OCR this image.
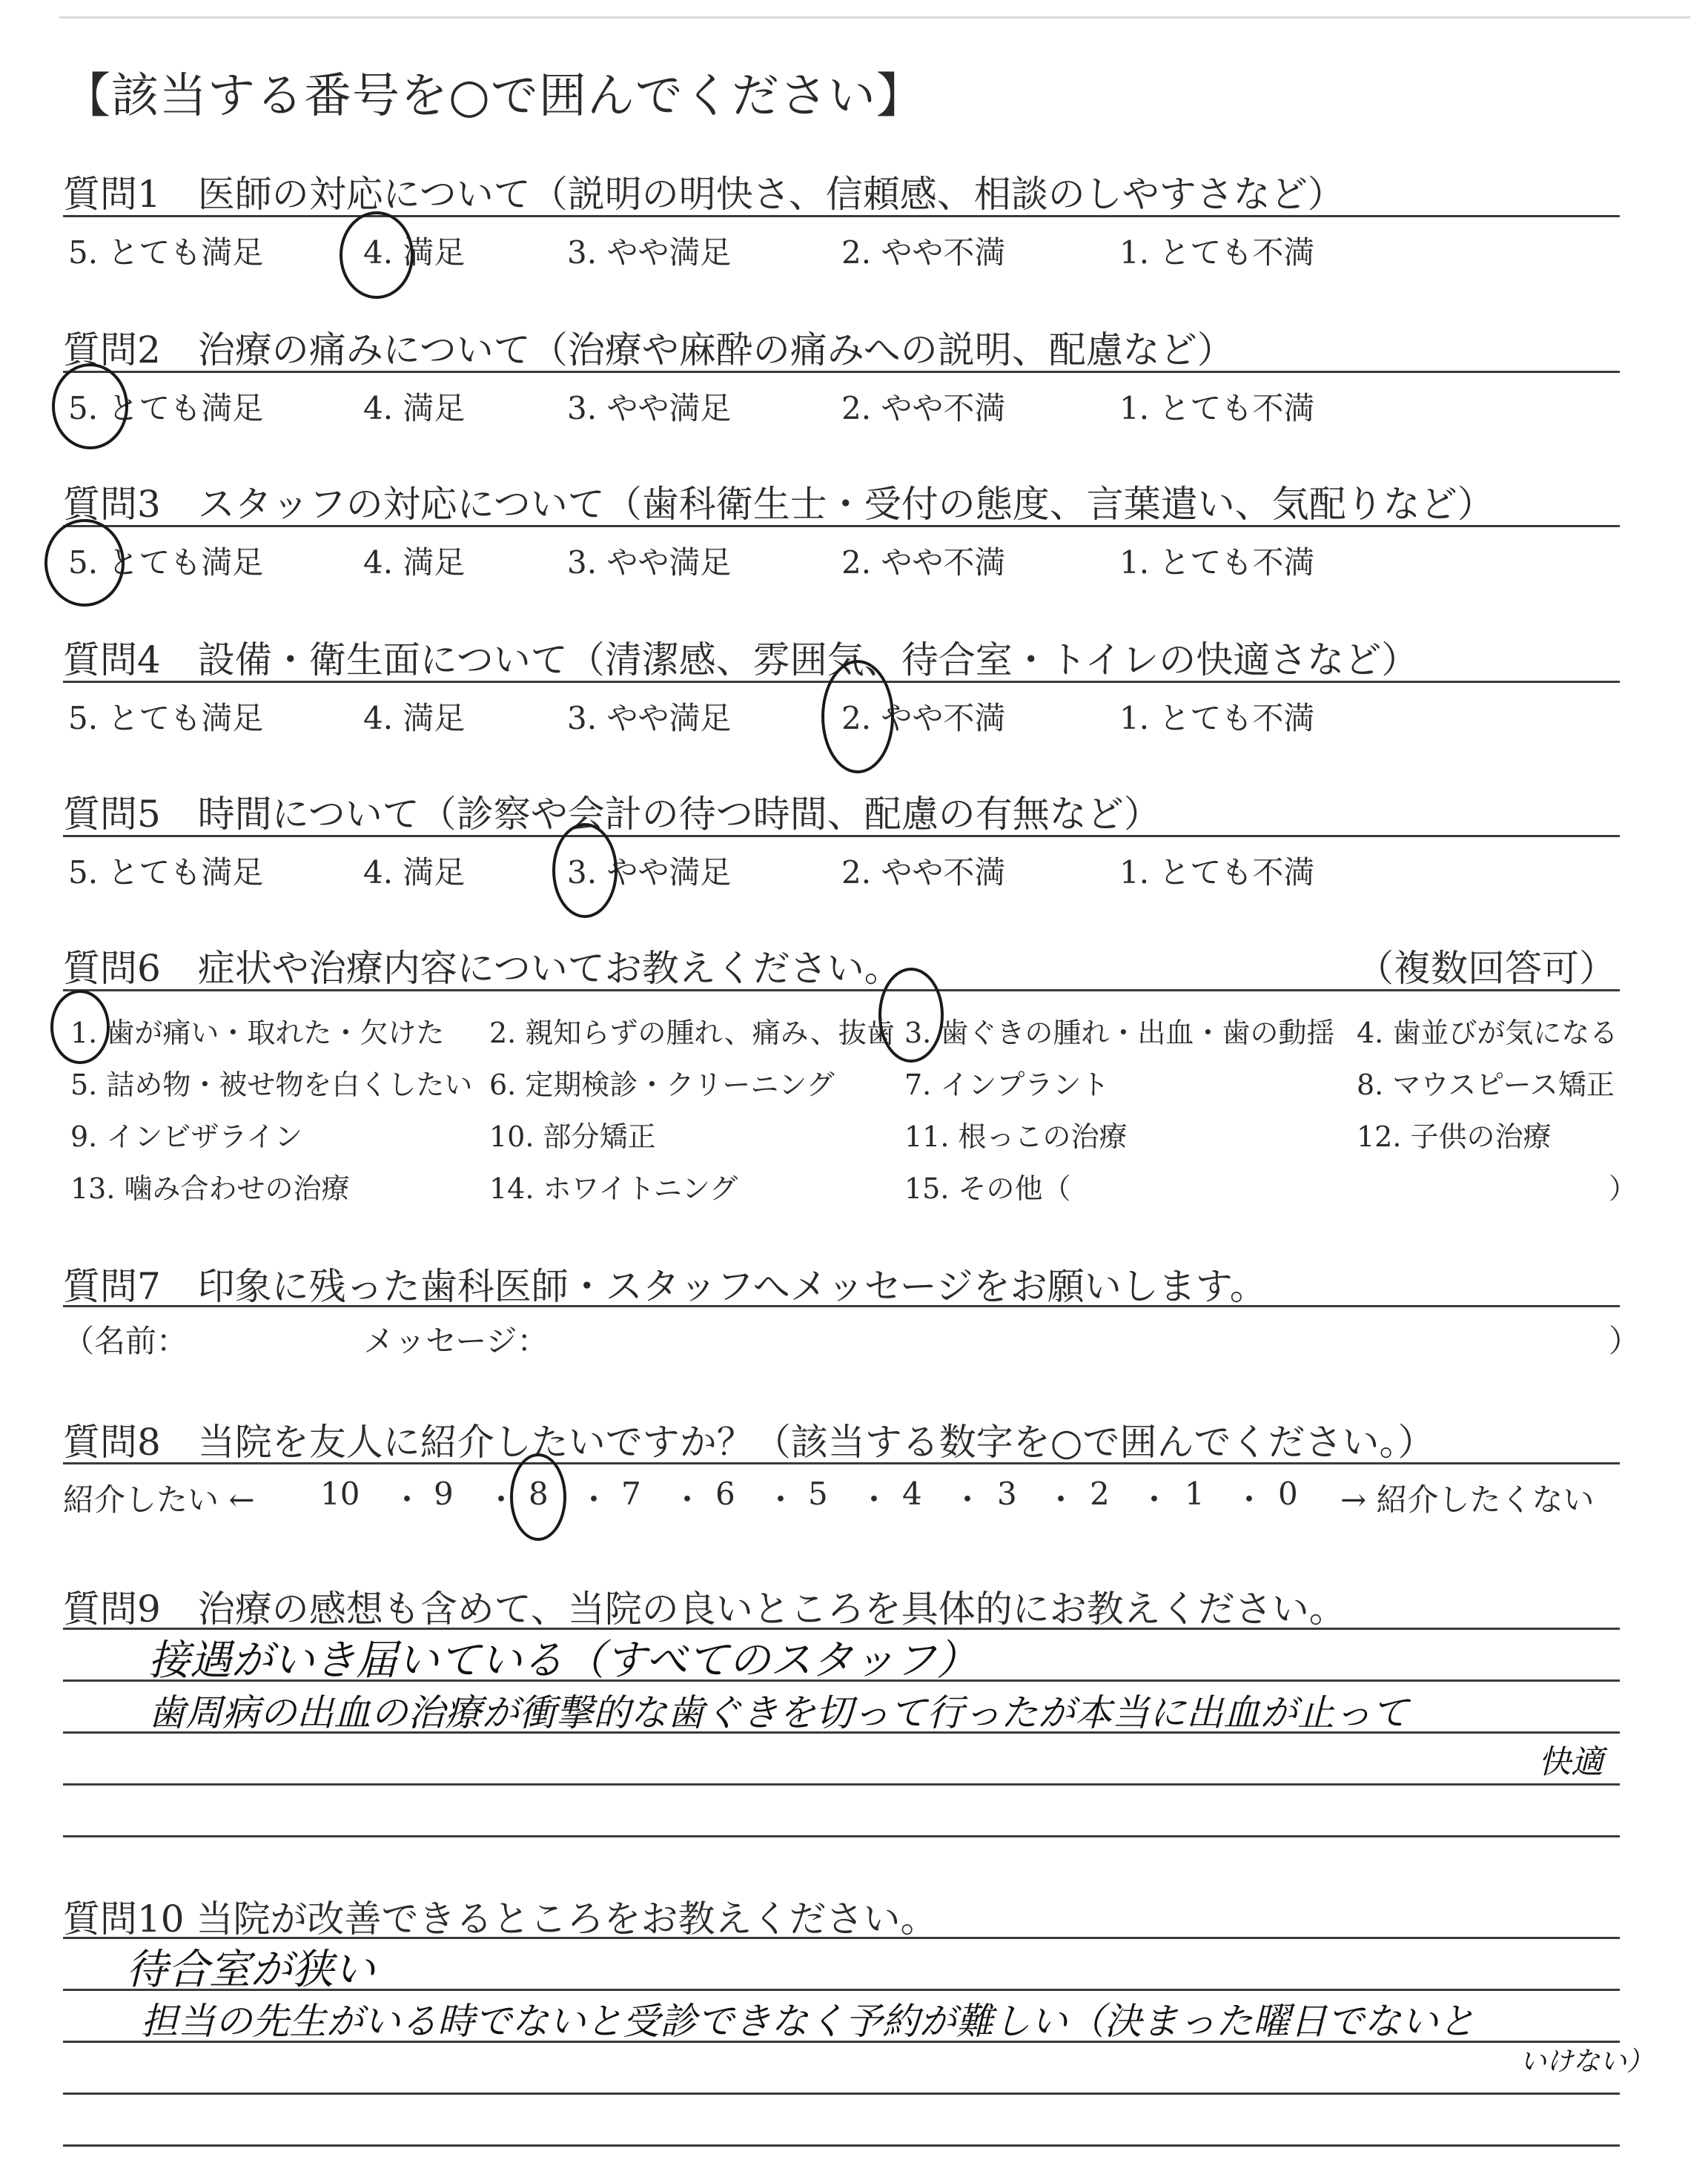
【該当する番号を○で囲んでください】
質問1　医師の対応について（説明の明快さ、信頼感、相談のしやすさなど）
5. とても満足	4. 満足	3. やや満足	2. やや不満	1. とても不満
質問2　治療の痛みについて（治療や麻酔の痛みへの説明、配慮など）
5. とても満足	4. 満足	3. やや満足	2. やや不満	1. とても不満
質問3　スタッフの対応について（歯科衛生士・受付の態度、言葉遣い、気配りなど）
5. とても満足	4. 満足	3. やや満足	2. やや不満	1. とても不満
質問4　設備・衛生面について（清潔感、雰囲気、待合室・トイレの快適さなど）
5. とても満足	4. 満足	3. やや満足	2. やや不満	1. とても不満
質問5　時間について（診察や会計の待つ時間、配慮の有無など）
5. とても満足	4. 満足	3. やや満足	2. やや不満	1. とても不満
質問6　症状や治療内容についてお教えください。	（複数回答可）
1. 歯が痛い・取れた・欠けた 2. 親知らずの腫れ、痛み、抜歯 3. 歯ぐきの腫れ・出血・歯の動揺 4. 歯並びが気になる
5. 詰め物・被せ物を白くしたい 6. 定期検診・クリーニング 7. インプラント	8. マウスピース矯正
9. インビザライン	10. 部分矯正	11. 根っこの治療	12. 子供の治療
13. 噛み合わせの治療	14. ホワイトニング	15. その他（	）
質問7　印象に残った歯科医師・スタッフへメッセージをお願いします。
（名前：	メッセージ：	）
質問8　当院を友人に紹介したいですか？（該当する数字を○で囲んでください。）
紹介したい ← 10 ・ 9 ・ 8 ・ 7 ・ 6 ・ 5 ・ 4 ・ 3 ・ 2 ・ 1 ・ 0 → 紹介したくない
質問9　治療の感想も含めて、当院の良いところを具体的にお教えください。
接遇がいき届いている（すべてのスタッフ）
歯周病の出血の治療が衝撃的な歯ぐきを切って行ったが本当に出血が止って
快適
質問10 当院が改善できるところをお教えください。
待合室が狭い
担当の先生がいる時でないと受診できなく予約が難しい（決まった曜日でないと
いけない）
